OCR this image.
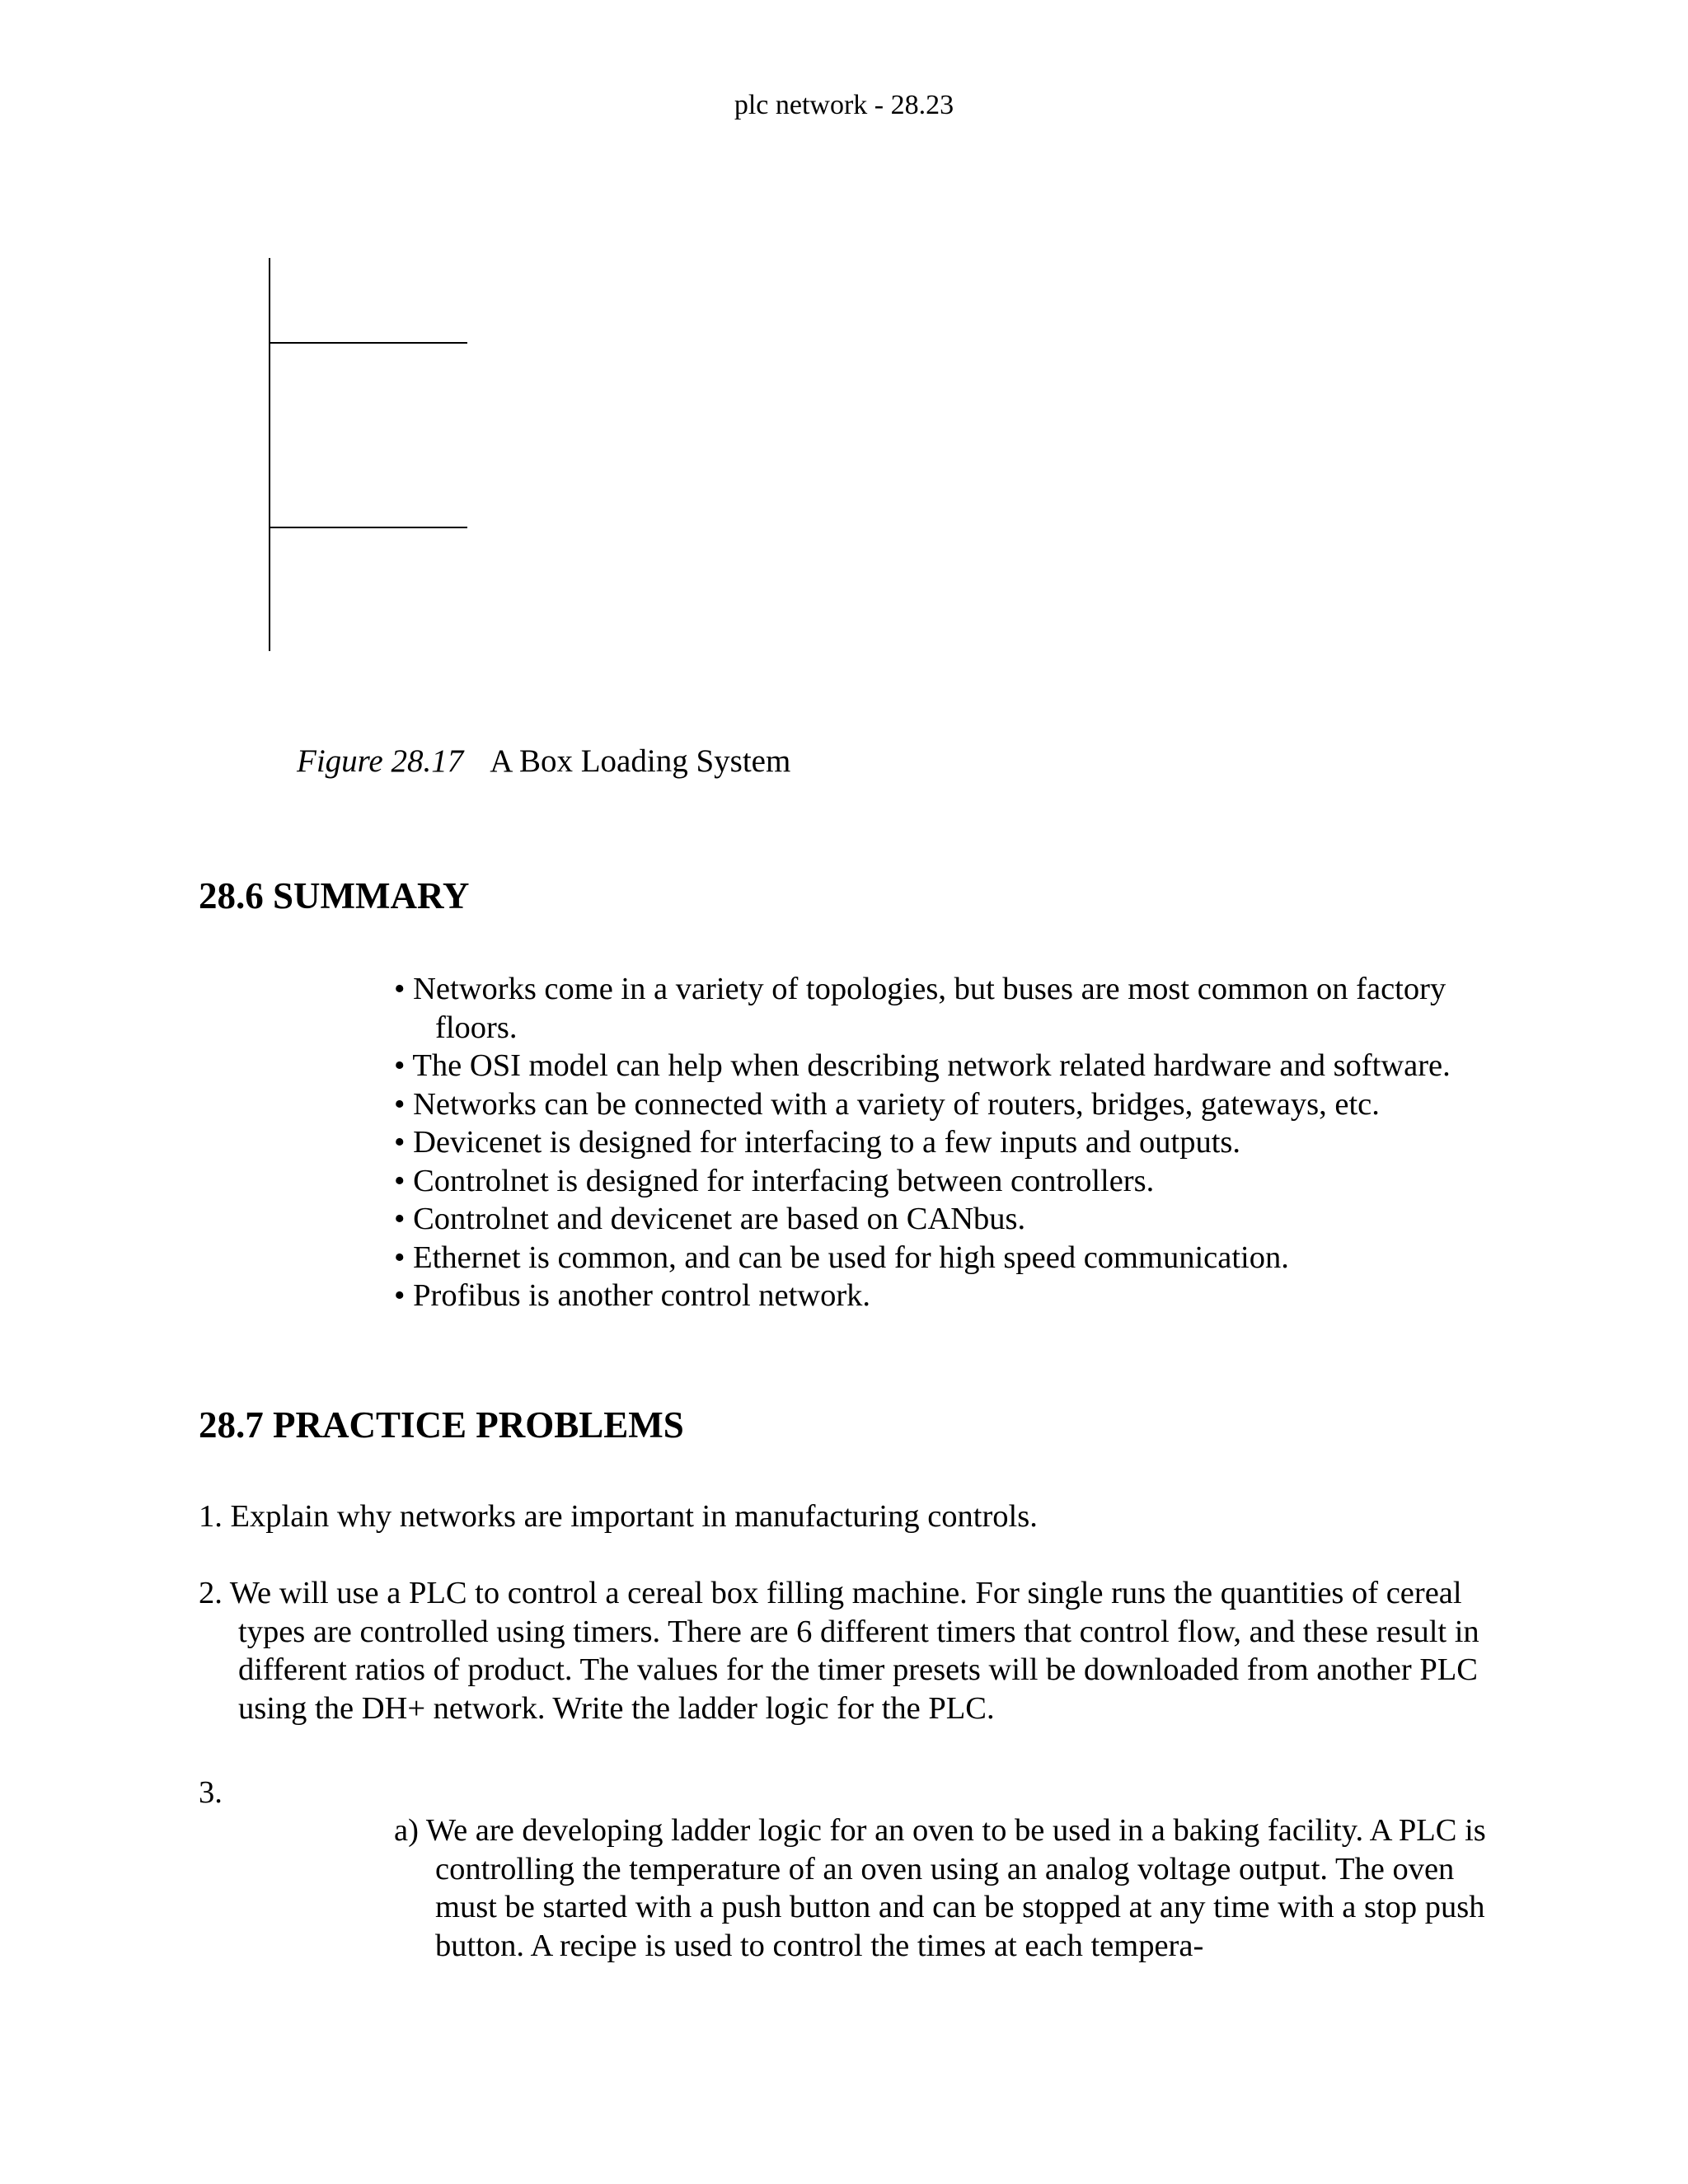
plc network - 28.23
Figure 28.17 A Box Loading System
28.6 SUMMARY
• Networks come in a variety of topologies, but buses are most common on factory floors.
• The OSI model can help when describing network related hardware and software.
• Networks can be connected with a variety of routers, bridges, gateways, etc.
• Devicenet is designed for interfacing to a few inputs and outputs.
• Controlnet is designed for interfacing between controllers.
• Controlnet and devicenet are based on CANbus.
• Ethernet is common, and can be used for high speed communication.
• Profibus is another control network.
28.7 PRACTICE PROBLEMS
1. Explain why networks are important in manufacturing controls.
2. We will use a PLC to control a cereal box filling machine. For single runs the quantities of cereal types are controlled using timers. There are 6 different timers that control flow, and these result in different ratios of product. The values for the timer presets will be downloaded from another PLC using the DH+ network. Write the ladder logic for the PLC.
3.
a) We are developing ladder logic for an oven to be used in a baking facility. A PLC is controlling the temperature of an oven using an analog voltage output. The oven must be started with a push button and can be stopped at any time with a stop push button. A recipe is used to control the times at each tempera-
